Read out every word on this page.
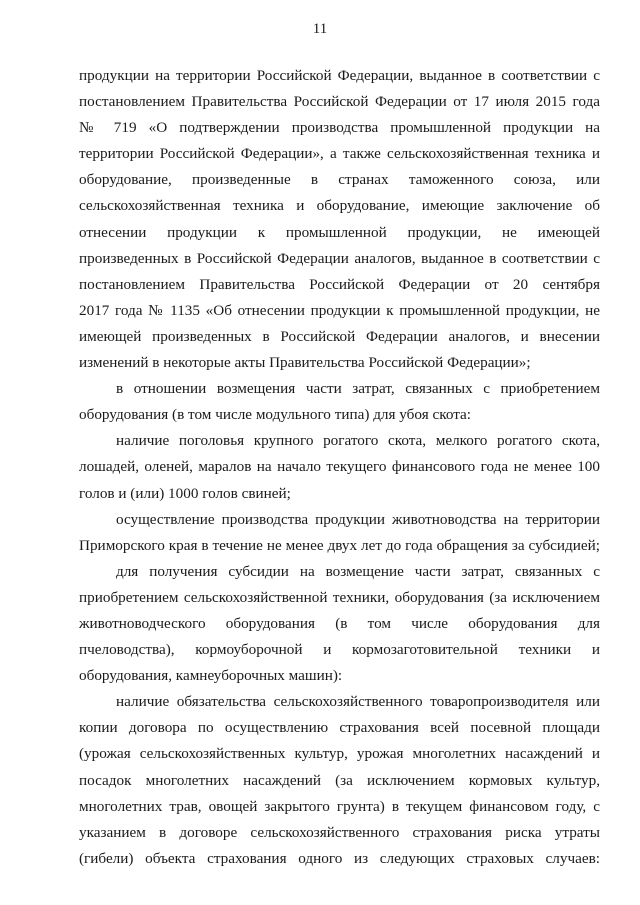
11
продукции на территории Российской Федерации, выданное в соответствии с
постановлением Правительства Российской Федерации от 17 июля 2015 года
№ 719 «О подтверждении производства промышленной продукции на
территории Российской Федерации», а также сельскохозяйственная техника и
оборудование, произведенные в странах таможенного союза, или
сельскохозяйственная техника и оборудование, имеющие заключение об
отнесении продукции к промышленной продукции, не имеющей
произведенных в Российской Федерации аналогов, выданное в соответствии с
постановлением Правительства Российской Федерации от 20 сентября
2017 года № 1135 «Об отнесении продукции к промышленной продукции, не
имеющей произведенных в Российской Федерации аналогов, и внесении
изменений в некоторые акты Правительства Российской Федерации»;
в отношении возмещения части затрат, связанных с приобретением
оборудования (в том числе модульного типа) для убоя скота:
наличие поголовья крупного рогатого скота, мелкого рогатого скота,
лошадей, оленей, маралов на начало текущего финансового года не менее 100
голов и (или) 1000 голов свиней;
осуществление производства продукции животноводства на территории
Приморского края в течение не менее двух лет до года обращения за субсидией;
для получения субсидии на возмещение части затрат, связанных с
приобретением сельскохозяйственной техники, оборудования (за исключением
животноводческого оборудования (в том числе оборудования для
пчеловодства), кормоуборочной и кормозаготовительной техники и
оборудования, камнеуборочных машин):
наличие обязательства сельскохозяйственного товаропроизводителя или
копии договора по осуществлению страхования всей посевной площади
(урожая сельскохозяйственных культур, урожая многолетних насаждений и
посадок многолетних насаждений (за исключением кормовых культур,
многолетних трав, овощей закрытого грунта) в текущем финансовом году, с
указанием в договоре сельскохозяйственного страхования риска утраты
(гибели) объекта страхования одного из следующих страховых случаев:
